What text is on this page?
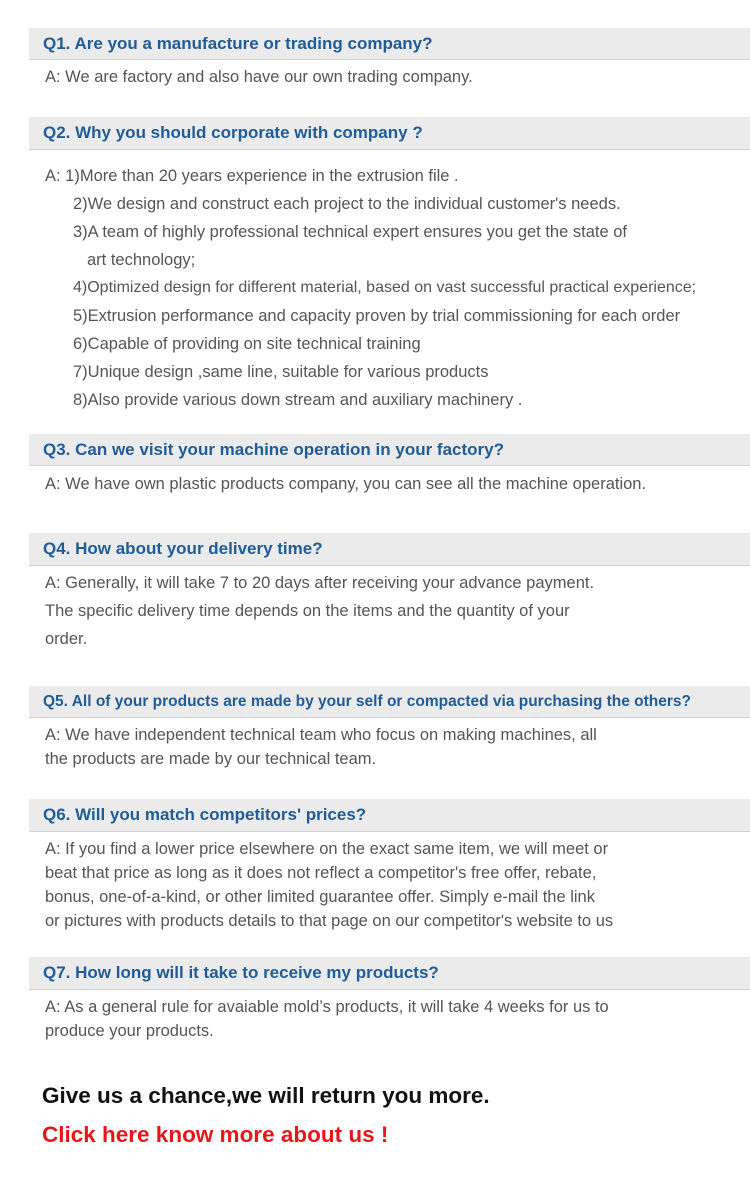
Q1. Are you a manufacture or trading company?
A: We are factory and also have our own trading company.
Q2. Why you should corporate with company ?
A: 1)More than 20 years experience in the extrusion file .
2)We design and construct each project to the individual customer's needs.
3)A team of highly professional technical expert ensures you get the state of
art technology;
4)Optimized design for different material, based on vast successful practical experience;
5)Extrusion performance and capacity proven by trial commissioning for each order
6)Capable of providing on site technical training
7)Unique design ,same line, suitable for various products
8)Also provide various down stream and auxiliary machinery .
Q3. Can we visit your machine operation in your factory?
A: We have own plastic products company, you can see all the machine operation.
Q4. How about your delivery time?
A: Generally, it will take 7 to 20 days after receiving your advance payment.
The specific delivery time depends on the items and the quantity of your
order.
Q5. All of your products are made by your self or compacted via purchasing the others?
A: We have independent technical team who focus on making machines, all
the products are made by our technical team.
Q6. Will you match competitors' prices?
A: If you find a lower price elsewhere on the exact same item, we will meet or
beat that price as long as it does not reflect a competitor's free offer, rebate,
bonus, one-of-a-kind, or other limited guarantee offer. Simply e-mail the link
or pictures with products details to that page on our competitor's website to us
Q7. How long will it take to receive my products?
A: As a general rule for avaiable mold’s products, it will take 4 weeks for us to
produce your products.
Give us a chance,we will return you more.
Click here know more about us !
